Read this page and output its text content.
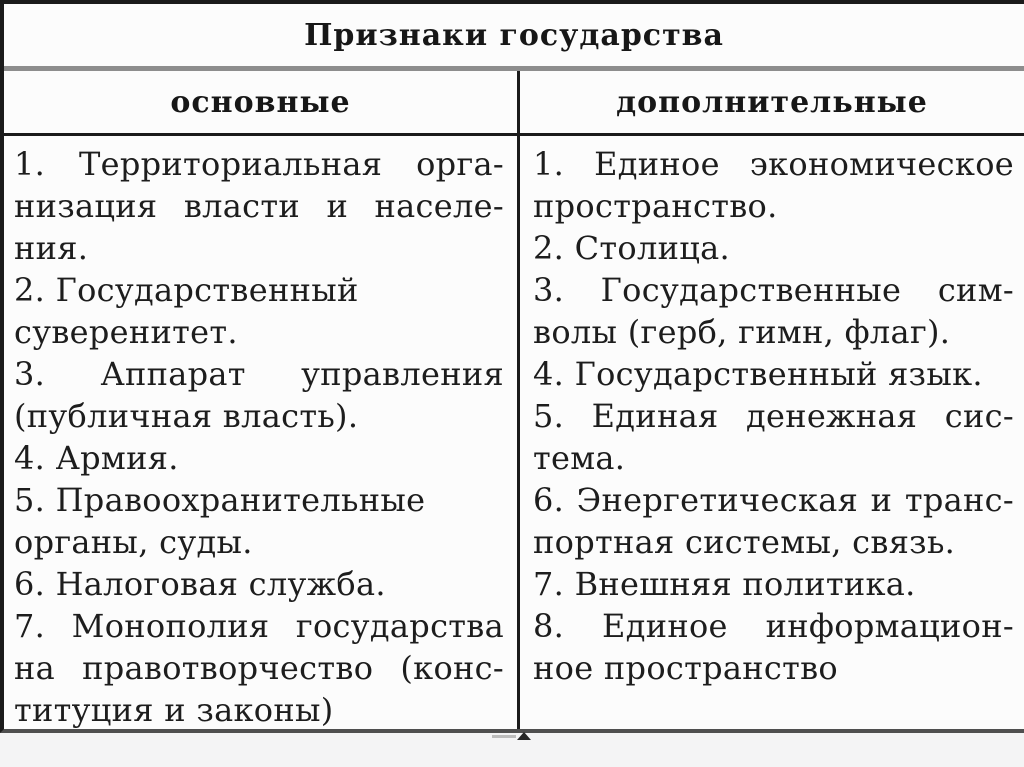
Признаки государства
основные	дополнительные
1. Территориальная орга-
низация власти и населе-
ния.
2. Государственный
суверенитет.
3. Аппарат управления
(публичная власть).
4. Армия.
5. Правоохранительные
органы, суды.
6. Налоговая служба.
7. Монополия государства
на правотворчество (конс-
титуция и законы)
1. Единое экономическое
пространство.
2. Столица.
3. Государственные сим-
волы (герб, гимн, флаг).
4. Государственный язык.
5. Единая денежная сис-
тема.
6. Энергетическая и транс-
портная системы, связь.
7. Внешняя политика.
8. Единое информацион-
ное пространство
